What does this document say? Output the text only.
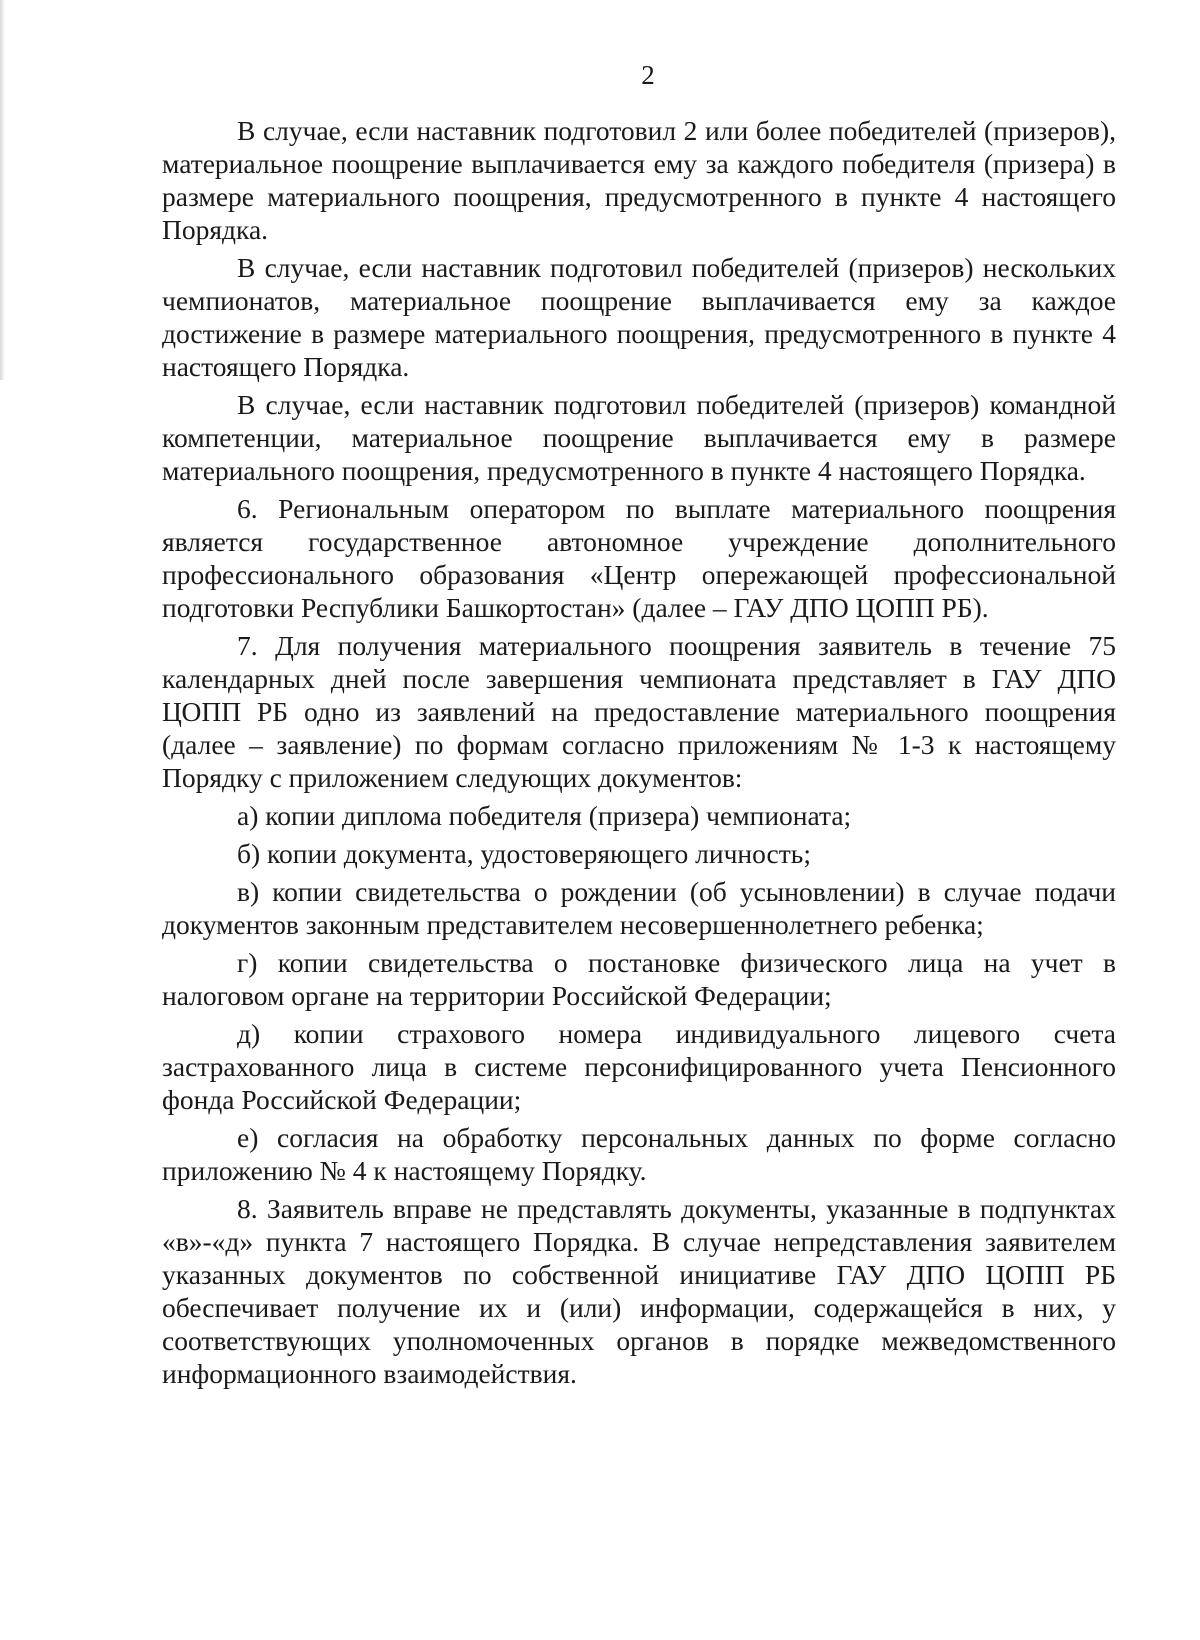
2

В случае, если наставник подготовил 2 или более победителей (призеров), материальное поощрение выплачивается ему за каждого победителя (призера) в размере материального поощрения, предусмотренного в пункте 4 настоящего Порядка.

В случае, если наставник подготовил победителей (призеров) нескольких чемпионатов, материальное поощрение выплачивается ему за каждое достижение в размере материального поощрения, предусмотренного в пункте 4 настоящего Порядка.

В случае, если наставник подготовил победителей (призеров) командной компетенции, материальное поощрение выплачивается ему в размере материального поощрения, предусмотренного в пункте 4 настоящего Порядка.

6. Региональным оператором по выплате материального поощрения является государственное автономное учреждение дополнительного профессионального образования «Центр опережающей профессиональной подготовки Республики Башкортостан» (далее – ГАУ ДПО ЦОПП РБ).

7. Для получения материального поощрения заявитель в течение 75 календарных дней после завершения чемпионата представляет в ГАУ ДПО ЦОПП РБ одно из заявлений на предоставление материального поощрения (далее – заявление) по формам согласно приложениям № 1-3 к настоящему Порядку с приложением следующих документов:

а) копии диплома победителя (призера) чемпионата;

б) копии документа, удостоверяющего личность;

в) копии свидетельства о рождении (об усыновлении) в случае подачи документов законным представителем несовершеннолетнего ребенка;

г) копии свидетельства о постановке физического лица на учет в налоговом органе на территории Российской Федерации;

д) копии страхового номера индивидуального лицевого счета застрахованного лица в системе персонифицированного учета Пенсионного фонда Российской Федерации;

е) согласия на обработку персональных данных по форме согласно приложению № 4 к настоящему Порядку.

8. Заявитель вправе не представлять документы, указанные в подпунктах «в»-«д» пункта 7 настоящего Порядка. В случае непредставления заявителем указанных документов по собственной инициативе ГАУ ДПО ЦОПП РБ обеспечивает получение их и (или) информации, содержащейся в них, у соответствующих уполномоченных органов в порядке межведомственного информационного взаимодействия.
